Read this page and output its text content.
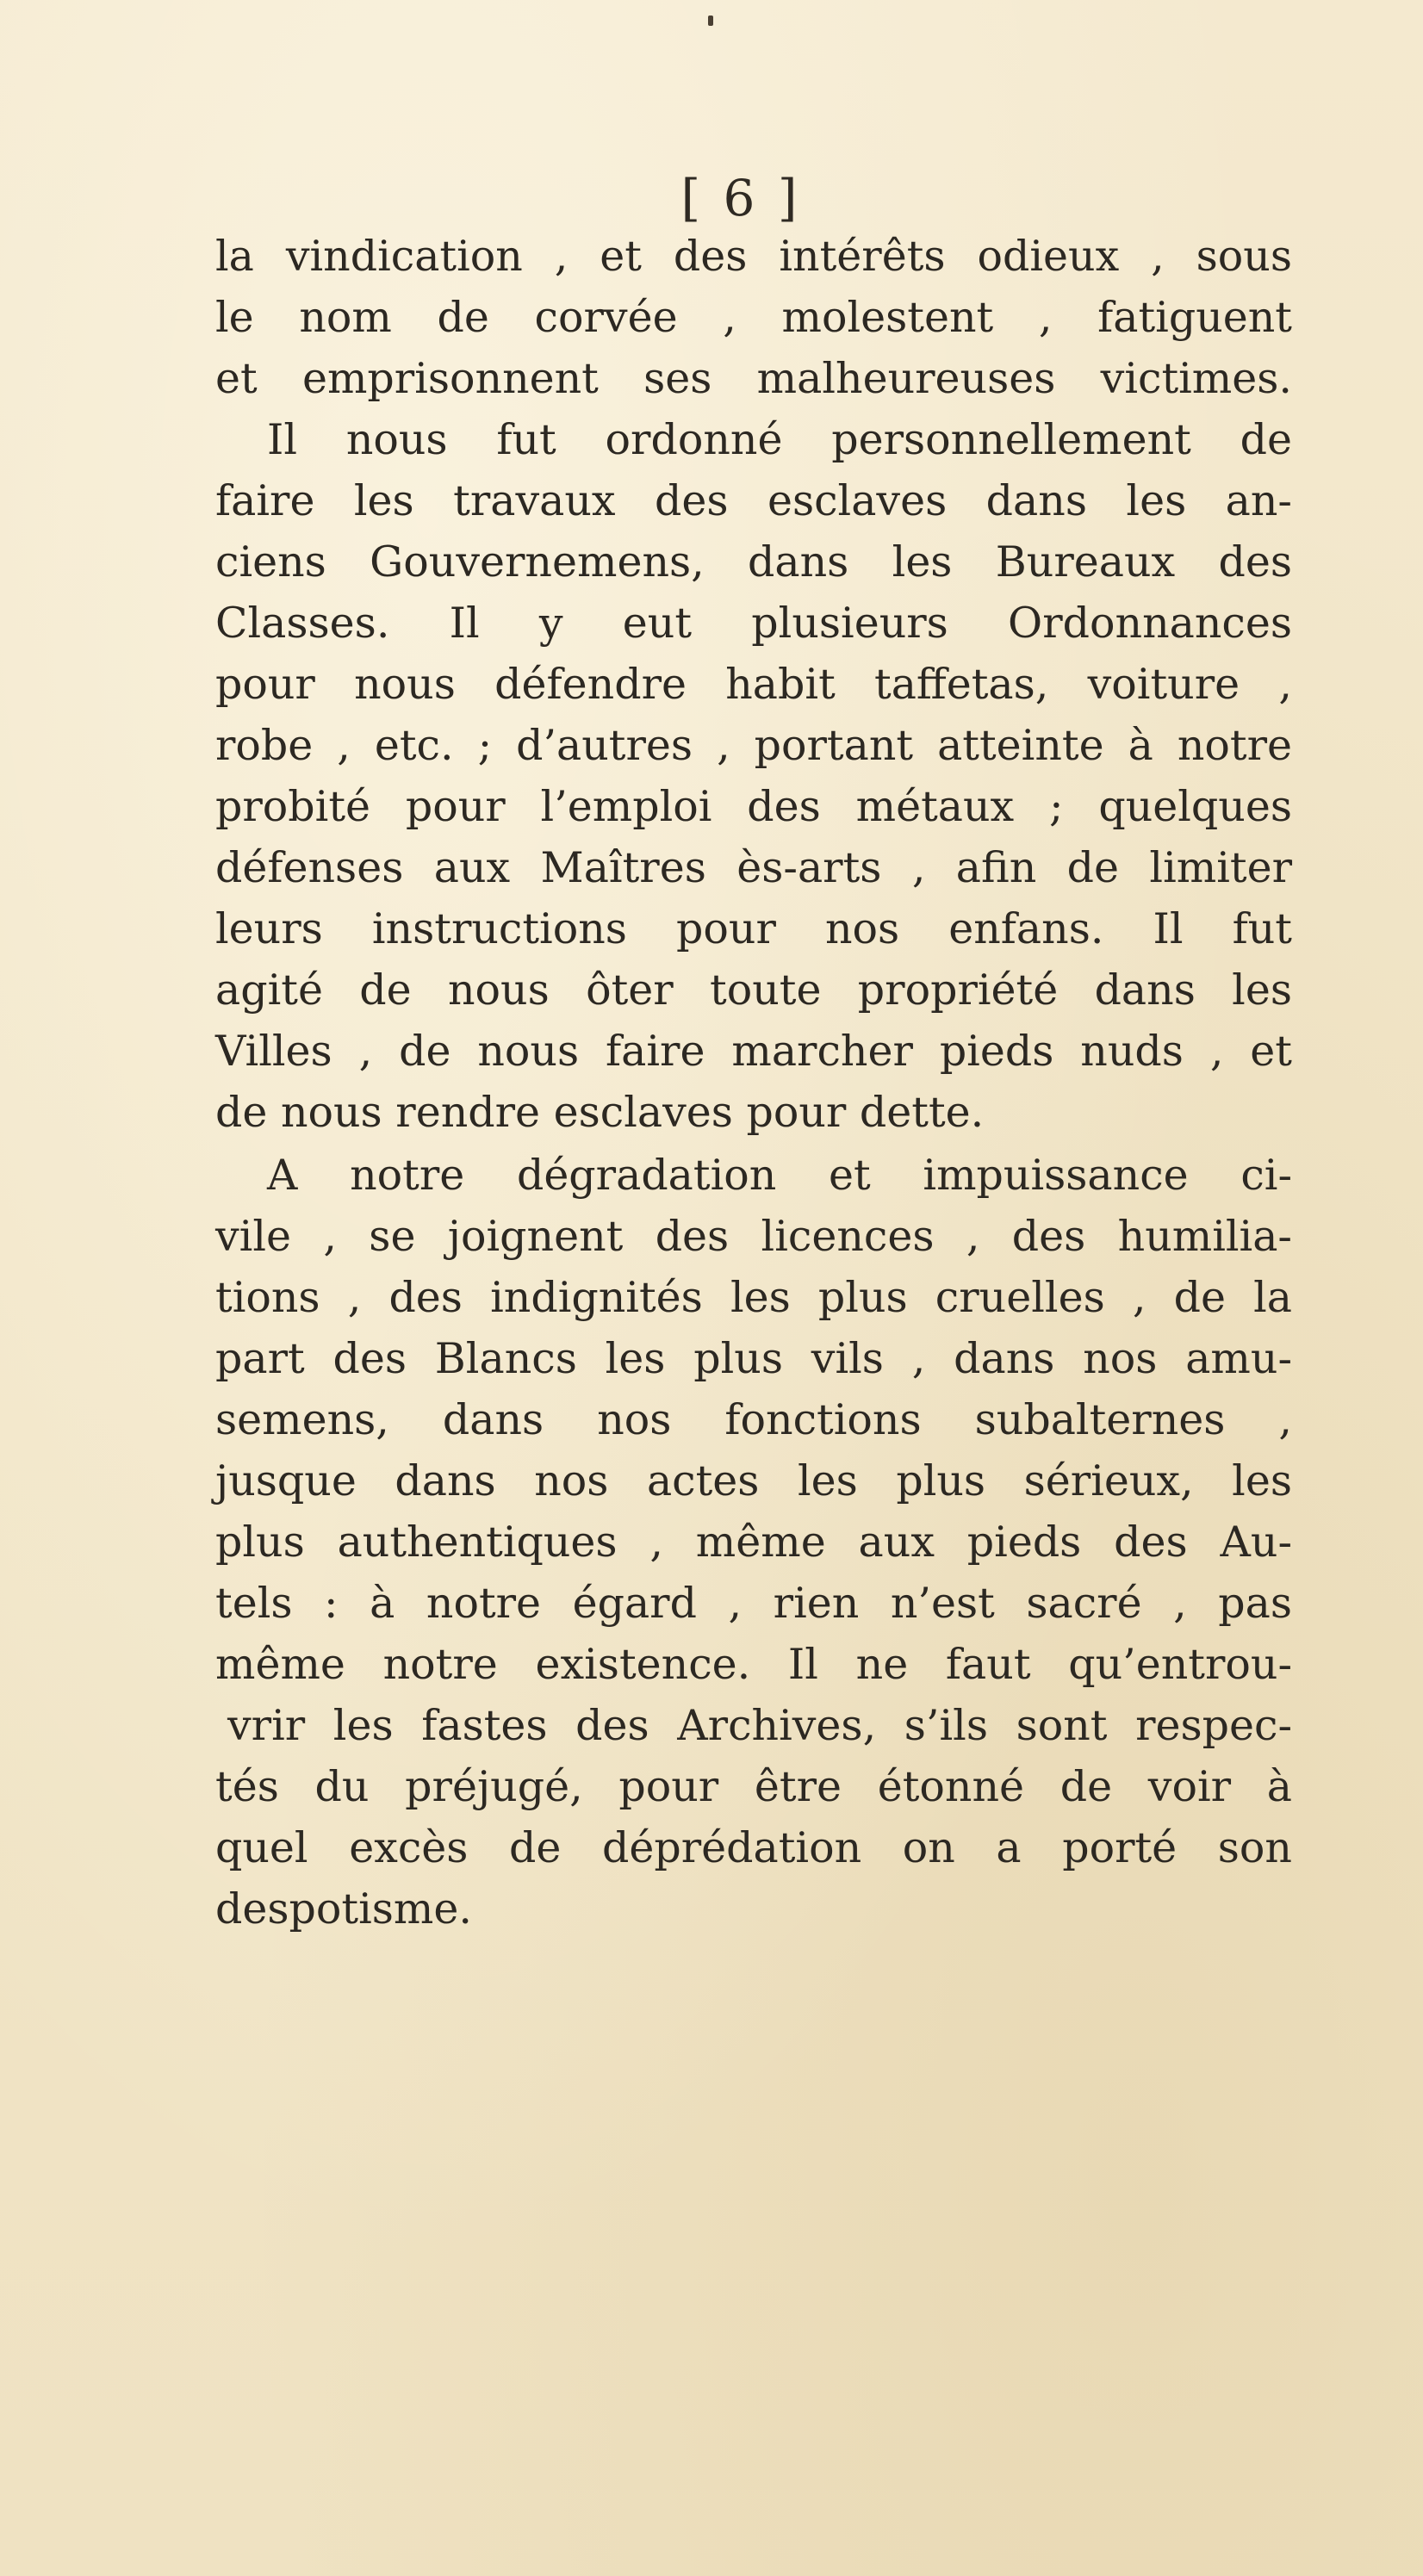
[ 6 ]
la vindication , et des intérêts odieux , sous
le nom de corvée , molestent , fatiguent
et emprisonnent ses malheureuses victimes.
Il nous fut ordonné personnellement de
faire les travaux des esclaves dans les an-
ciens Gouvernemens, dans les Bureaux des
Classes. Il y eut plusieurs Ordonnances
pour nous défendre habit taffetas, voiture ,
robe , etc. ; d’autres , portant atteinte à notre
probité pour l’emploi des métaux ; quelques
défenses aux Maîtres ès-arts , afin de limiter
leurs instructions pour nos enfans. Il fut
agité de nous ôter toute propriété dans les
Villes , de nous faire marcher pieds nuds , et
de nous rendre esclaves pour dette.
A notre dégradation et impuissance ci-
vile , se joignent des licences , des humilia-
tions , des indignités les plus cruelles , de la
part des Blancs les plus vils , dans nos amu-
semens, dans nos fonctions subalternes ,
jusque dans nos actes les plus sérieux, les
plus authentiques , même aux pieds des Au-
tels : à notre égard , rien n’est sacré , pas
même notre existence. Il ne faut qu’entrou-
vrir les fastes des Archives, s’ils sont respec-
tés du préjugé, pour être étonné de voir à
quel excès de déprédation on a porté son
despotisme.
